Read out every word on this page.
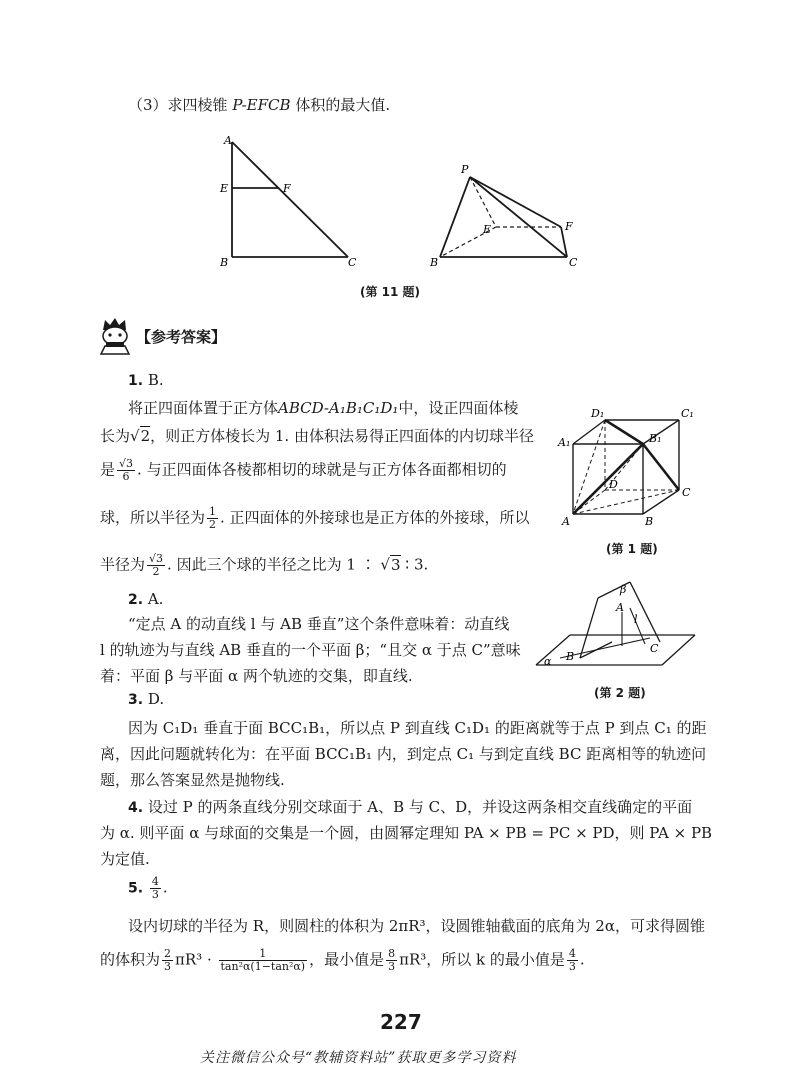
（3）求四棱锥 P-EFCB 体积的最大值.
A
E	F
B	C
P
E	F
B	C
(第 11 题)
【参考答案】
1. B.
将正四面体置于正方体ABCD-A₁B₁C₁D₁中，设正四面体棱
长为√2，则正方体棱长为 1. 由体积法易得正四面体的内切球半径
是 $\frac{√3}{6}$ . 与正四面体各棱都相切的球就是与正方体各面都相切的
球，所以半径为 $\frac{1}{2}$ . 正四面体的外接球也是正方体的外接球，所以
半径为 $\frac{√3}{2}$ . 因此三个球的半径之比为 1 ∶ √3 ∶ 3.
D₁	C₁
A₁	B₁
D
C
A	B
(第 1 题)
2. A.
“定点 A 的动直线 l 与 AB 垂直”这个条件意味着：动直线
l 的轨迹为与直线 AB 垂直的一个平面 β；“且交 α 于点 C”意味
着：平面 β 与平面 α 两个轨迹的交集，即直线.
β
A
l
α B
C
(第 2 题)
3. D.
因为 C₁D₁ 垂直于面 BCC₁B₁，所以点 P 到直线 C₁D₁ 的距离就等于点 P 到点 C₁ 的距
离，因此问题就转化为：在平面 BCC₁B₁ 内，到定点 C₁ 与到定直线 BC 距离相等的轨迹问
题，那么答案显然是抛物线.
4. 设过 P 的两条直线分别交球面于 A、B 与 C、D，并设这两条相交直线确定的平面
为 α. 则平面 α 与球面的交集是一个圆，由圆幂定理知 PA × PB = PC × PD，则 PA × PB
为定值.
5. $\frac{4}{3}$ .
设内切球的半径为 R，则圆柱的体积为 2πR³，设圆锥轴截面的底角为 2α，可求得圆锥
的体积为 $\frac{2}{3} \pi R^3 \cdot \frac{1}{\text{tan²α(1−tan²α)}}$ ，最小值是 $\frac{8}{3} \pi R^3$，所以 k 的最小值是 $\frac{4}{3}$ .
227
关注微信公众号“教辅资料站”获取更多学习资料
